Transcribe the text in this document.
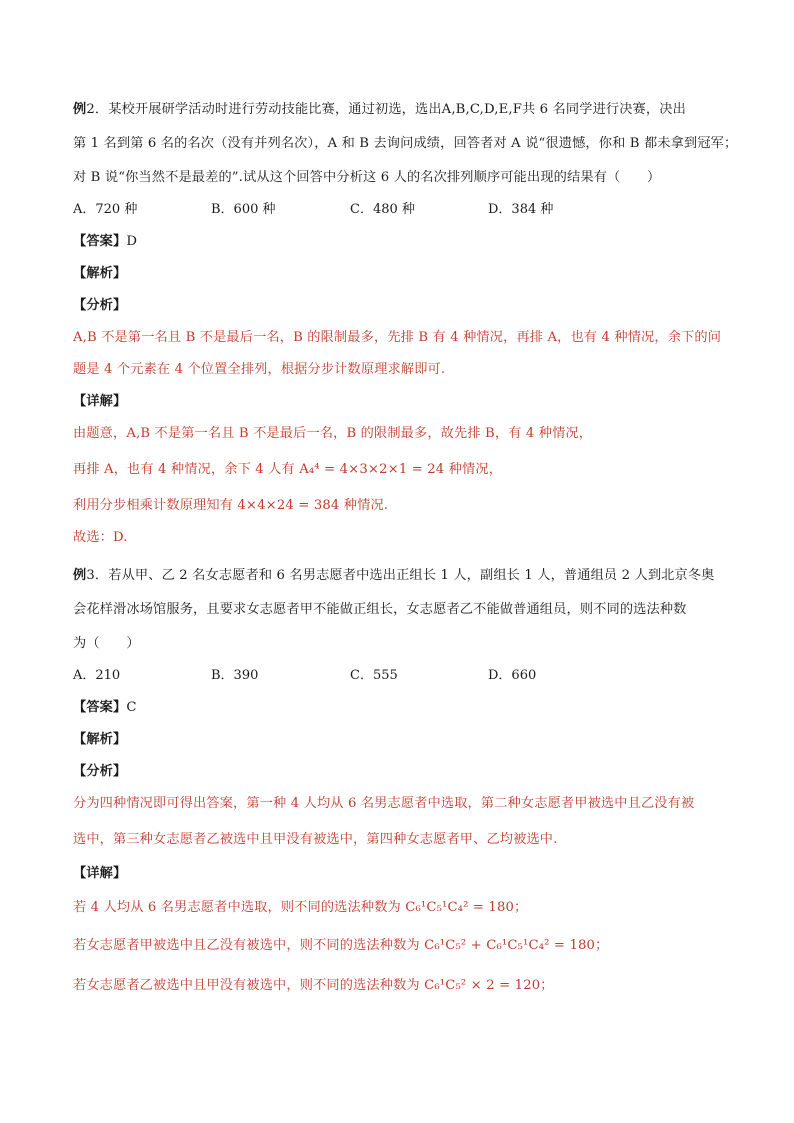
例2．某校开展研学活动时进行劳动技能比赛，通过初选，选出A,B,C,D,E,F共 6 名同学进行决赛，决出
第 1 名到第 6 名的名次（没有并列名次），A 和 B 去询问成绩，回答者对 A 说“很遗憾，你和 B 都未拿到冠军；
对 B 说“你当然不是最差的”.试从这个回答中分析这 6 人的名次排列顺序可能出现的结果有（　　）
A．720 种	B．600 种	C．480 种	D．384 种
【答案】D
【解析】
【分析】
A,B 不是第一名且 B 不是最后一名，B 的限制最多，先排 B 有 4 种情况，再排 A，也有 4 种情况，余下的问
题是 4 个元素在 4 个位置全排列，根据分步计数原理求解即可.
【详解】
由题意，A,B 不是第一名且 B 不是最后一名，B 的限制最多，故先排 B，有 4 种情况，
再排 A，也有 4 种情况，余下 4 人有 A₄⁴ = 4×3×2×1 = 24 种情况，
利用分步相乘计数原理知有 4×4×24 = 384 种情况.
故选：D.
例3．若从甲、乙 2 名女志愿者和 6 名男志愿者中选出正组长 1 人，副组长 1 人，普通组员 2 人到北京冬奥
会花样滑冰场馆服务，且要求女志愿者甲不能做正组长，女志愿者乙不能做普通组员，则不同的选法种数
为（　　）
A．210	B．390	C．555	D．660
【答案】C
【解析】
【分析】
分为四种情况即可得出答案，第一种 4 人均从 6 名男志愿者中选取，第二种女志愿者甲被选中且乙没有被
选中，第三种女志愿者乙被选中且甲没有被选中，第四种女志愿者甲、乙均被选中.
【详解】
若 4 人均从 6 名男志愿者中选取，则不同的选法种数为 C₆¹C₅¹C₄² = 180；
若女志愿者甲被选中且乙没有被选中，则不同的选法种数为 C₆¹C₅² + C₆¹C₅¹C₄² = 180；
若女志愿者乙被选中且甲没有被选中，则不同的选法种数为 C₆¹C₅² × 2 = 120；
